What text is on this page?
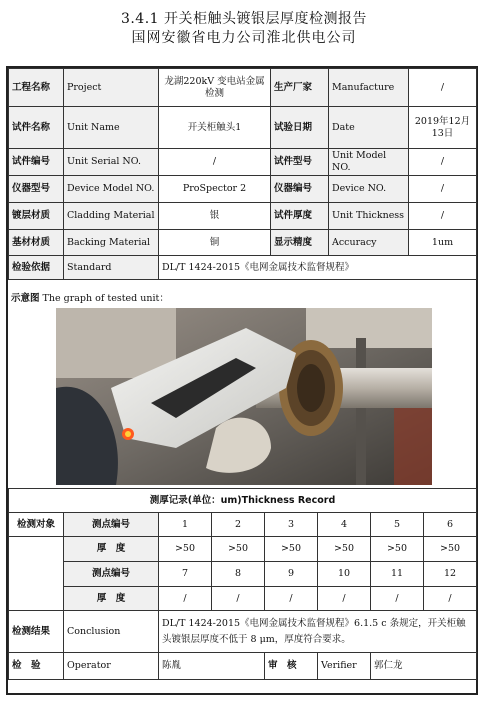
3.4.1 开关柜触头镀银层厚度检测报告
国网安徽省电力公司淮北供电公司
工程名称	Project	龙湖220kV 变电站金属检测	生产厂家	Manufacture	/
试件名称	Unit Name	开关柜触头1	试验日期	Date	2019年12月13日
试件编号	Unit Serial NO.	/	试件型号	Unit Model NO.	/
仪器型号	Device Model NO.	ProSpector 2	仪器编号	Device NO.	/
镀层材质	Cladding Material	银	试件厚度	Unit Thickness	/
基材材质	Backing Material	铜	显示精度	Accuracy	1um
检验依据	Standard	DL/T 1424-2015《电网金属技术监督规程》			
示意图 The graph of tested unit：
测厚记录(单位：um)Thickness Record							
检测对象	测点编号	1	2	3	4	5	6
	厚　度	>50	>50	>50	>50	>50	>50
	测点编号	7	8	9	10	11	12
	厚　度	/	/	/	/	/	/
检测结果	Conclusion	DL/T 1424-2015《电网金属技术监督规程》6.1.5 c 条规定，开关柜触头镀银层厚度不低于 8 μm，厚度符合要求。					
检　验	Operator	陈胤		审　核	Verifier	郭仁龙	
